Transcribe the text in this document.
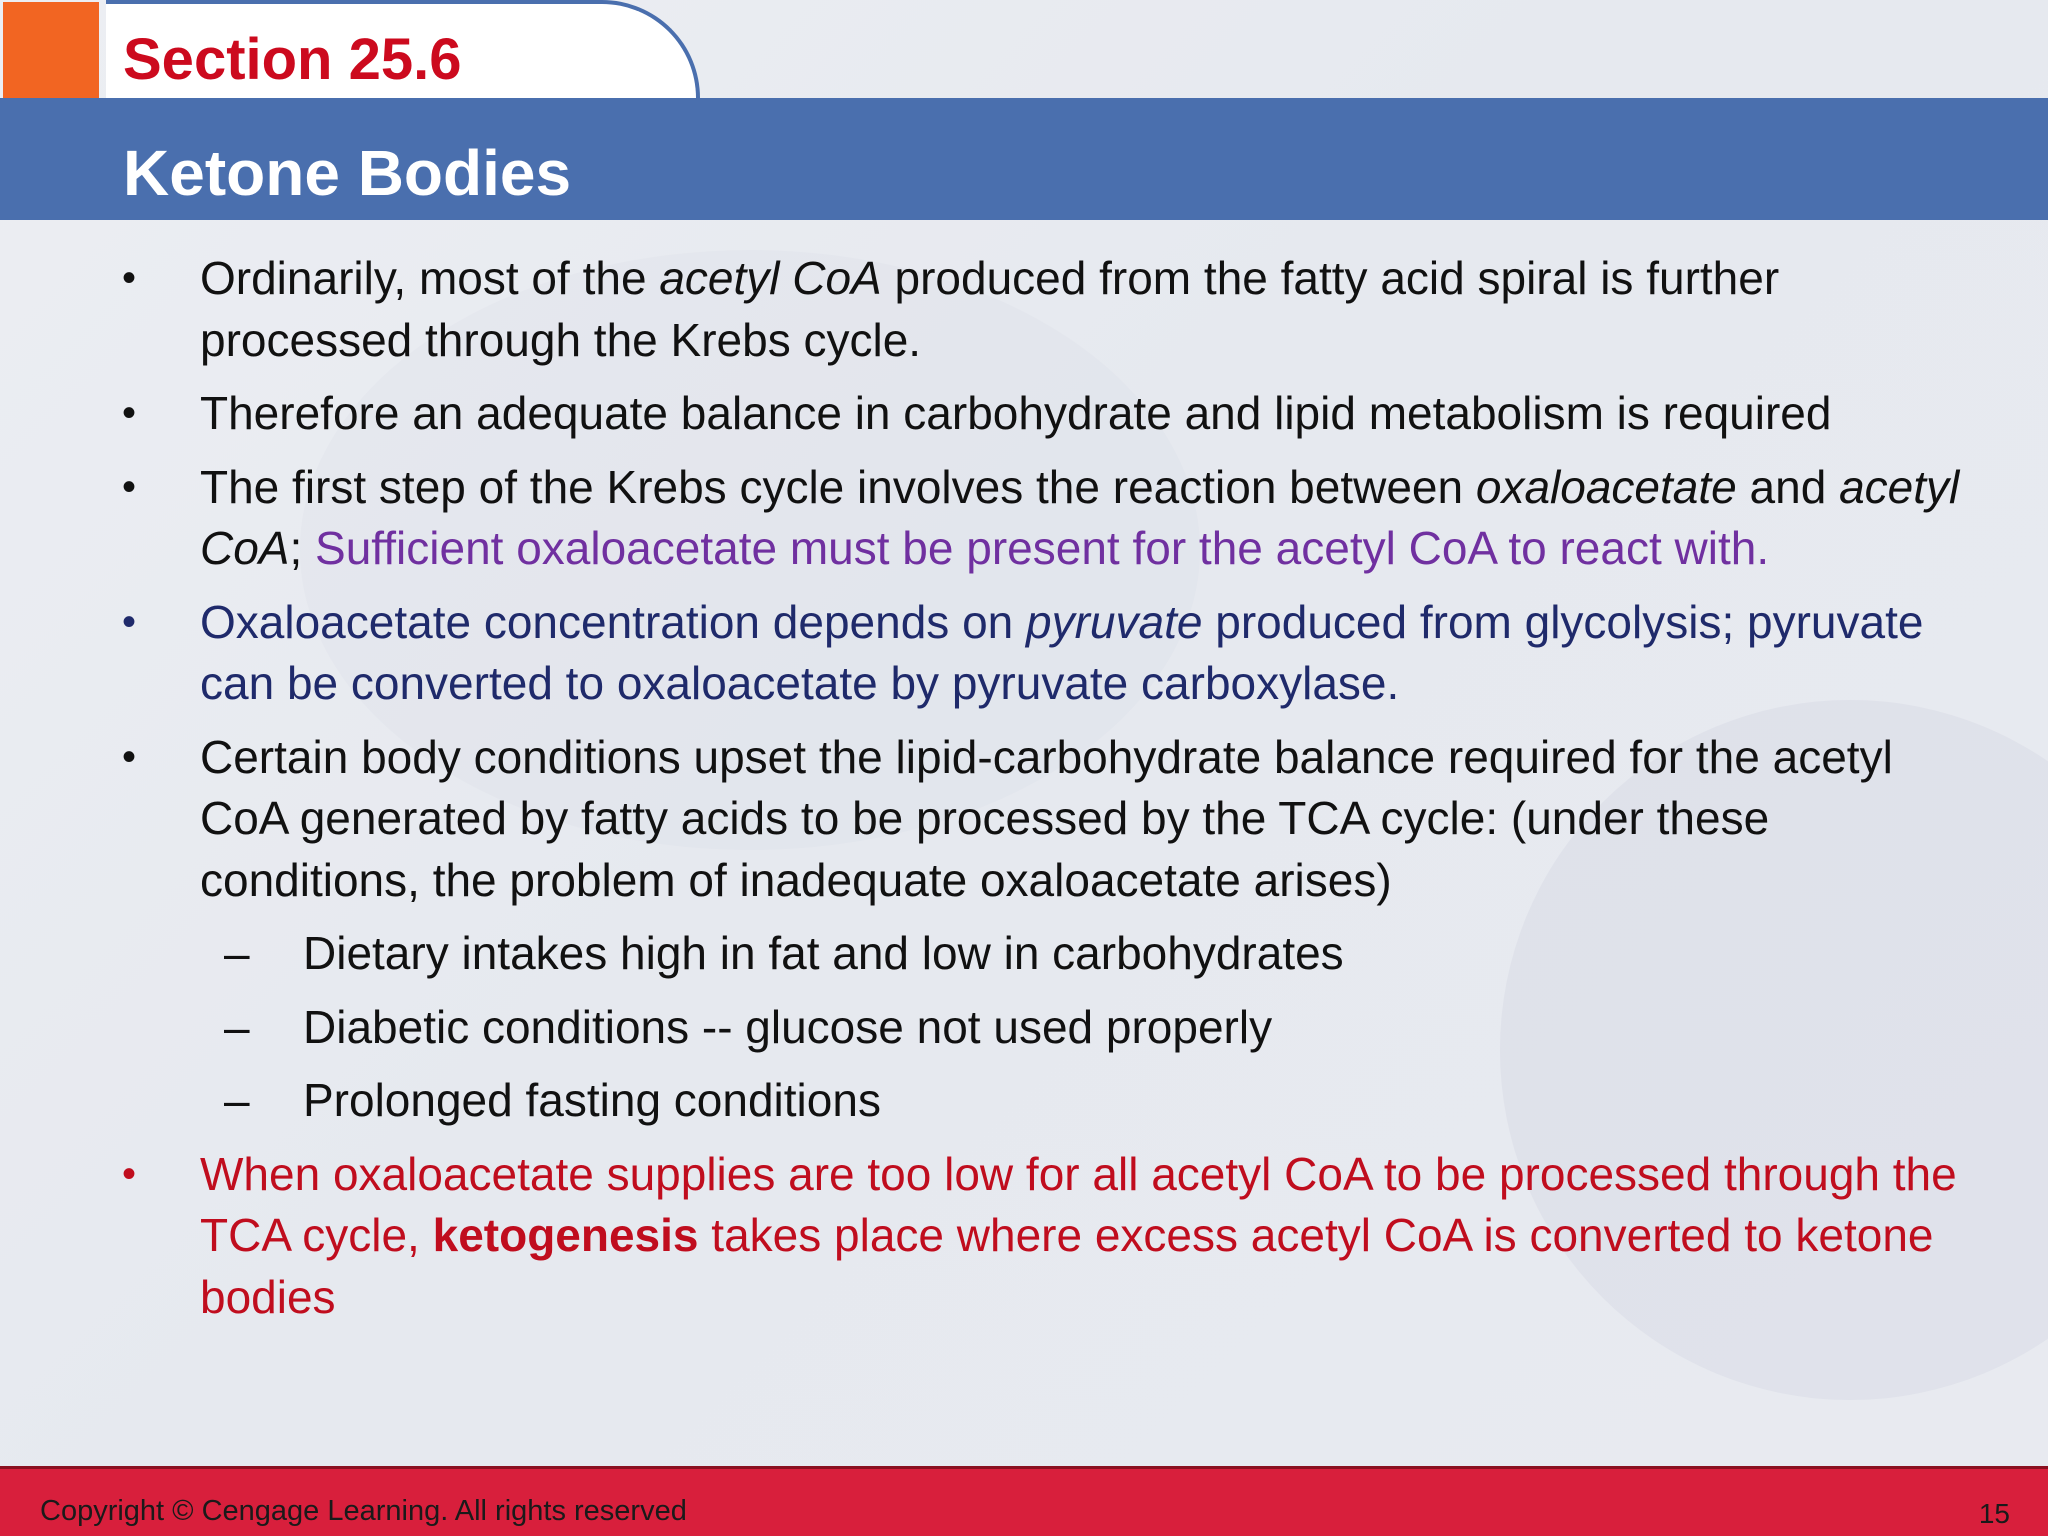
Section 25.6
Ketone Bodies
• Ordinarily, most of the acetyl CoA produced from the fatty acid spiral is further processed through the Krebs cycle.
• Therefore an adequate balance in carbohydrate and lipid metabolism is required
• The first step of the Krebs cycle involves the reaction between oxaloacetate and acetyl CoA; Sufficient oxaloacetate must be present for the acetyl CoA to react with.
• Oxaloacetate concentration depends on pyruvate produced from glycolysis; pyruvate can be converted to oxaloacetate by pyruvate carboxylase.
• Certain body conditions upset the lipid-carbohydrate balance required for the acetyl CoA generated by fatty acids to be processed by the TCA cycle: (under these conditions, the problem of inadequate oxaloacetate arises)
– Dietary intakes high in fat and low in carbohydrates
– Diabetic conditions -- glucose not used properly
– Prolonged fasting conditions
• When oxaloacetate supplies are too low for all acetyl CoA to be processed through the TCA cycle, ketogenesis takes place where excess acetyl CoA is converted to ketone bodies
Copyright © Cengage Learning. All rights reserved	15
